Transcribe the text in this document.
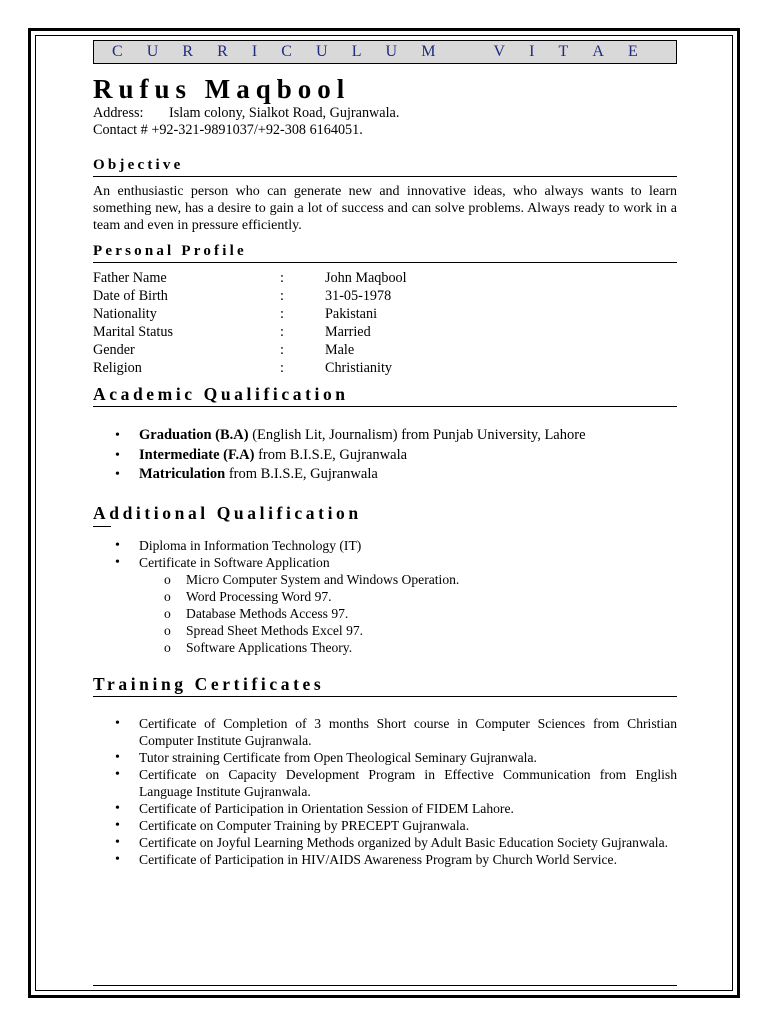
C U R R I C U L U M	V I T A E
Rufus Maqbool
Address: Islam colony, Sialkot Road, Gujranwala.
Contact # +92-321-9891037/+92-308 6164051.
Objective
An enthusiastic person who can generate new and innovative ideas, who always wants to learn something new, has a desire to gain a lot of success and can solve problems. Always ready to work in a team and even in pressure efficiently.
Personal Profile
Father Name	:	John Maqbool
Date of Birth	:	31-05-1978
Nationality	:	Pakistani
Marital Status	:	Married
Gender	:	Male
Religion	:	Christianity
Academic Qualification
• Graduation (B.A) (English Lit, Journalism) from Punjab University, Lahore
• Intermediate (F.A) from B.I.S.E, Gujranwala
• Matriculation from B.I.S.E, Gujranwala
Additional Qualification
• Diploma in Information Technology (IT)
• Certificate in Software Application
o Micro Computer System and Windows Operation.
o Word Processing Word 97.
o Database Methods Access 97.
o Spread Sheet Methods Excel 97.
o Software Applications Theory.
Training Certificates
• Certificate of Completion of 3 months Short course in Computer Sciences from Christian Computer Institute Gujranwala.
• Tutor straining Certificate from Open Theological Seminary Gujranwala.
• Certificate on Capacity Development Program in Effective Communication from English Language Institute Gujranwala.
• Certificate of Participation in Orientation Session of FIDEM Lahore.
• Certificate on Computer Training by PRECEPT Gujranwala.
• Certificate on Joyful Learning Methods organized by Adult Basic Education Society Gujranwala.
• Certificate of Participation in HIV/AIDS Awareness Program by Church World Service.
